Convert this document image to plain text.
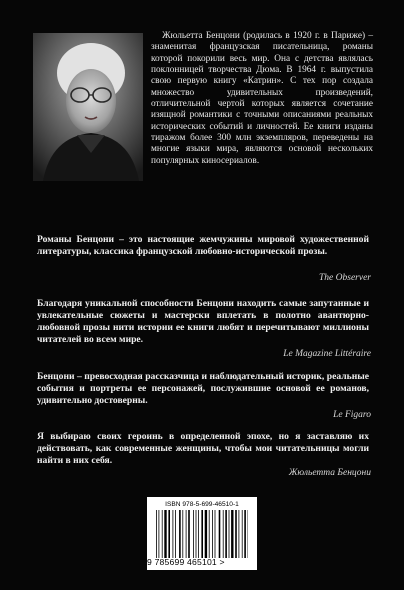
Жюльетта Бенцони (родилась в 1920 г. в Париже) – знаменитая французская писательница, романы которой покорили весь мир. Она с детства являлась поклонницей творчества Дюма. В 1964 г. выпустила свою первую книгу «Катрин». С тех пор создала множество удивительных произведений, отличительной чертой которых является сочетание изящной романтики с точными описаниями реальных исторических событий и личностей. Ее книги изданы тиражом более 300 млн экземпляров, переведены на многие языки мира, являются основой нескольких популярных киносериалов.
Романы Бенцони – это настоящие жемчужины мировой художественной литературы, классика французской любовно-исторической прозы.
The Observer
Благодаря уникальной способности Бенцони находить самые запутанные и увлекательные сюжеты и мастерски вплетать в полотно авантюрно-любовной прозы нити истории ее книги любят и перечитывают миллионы читателей во всем мире.
Le Magazine Littéraire
Бенцони – превосходная рассказчица и наблюдательный историк, реальные события и портреты ее персонажей, послужившие основой ее романов, удивительно достоверны.
Le Figaro
Я выбираю своих героинь в определенной эпохе, но я заставляю их действовать, как современные женщины, чтобы мои читательницы могли найти в них себя.
Жюльетта Бенцони
ISBN 978-5-699-46510-1
9 785699 465101 >
